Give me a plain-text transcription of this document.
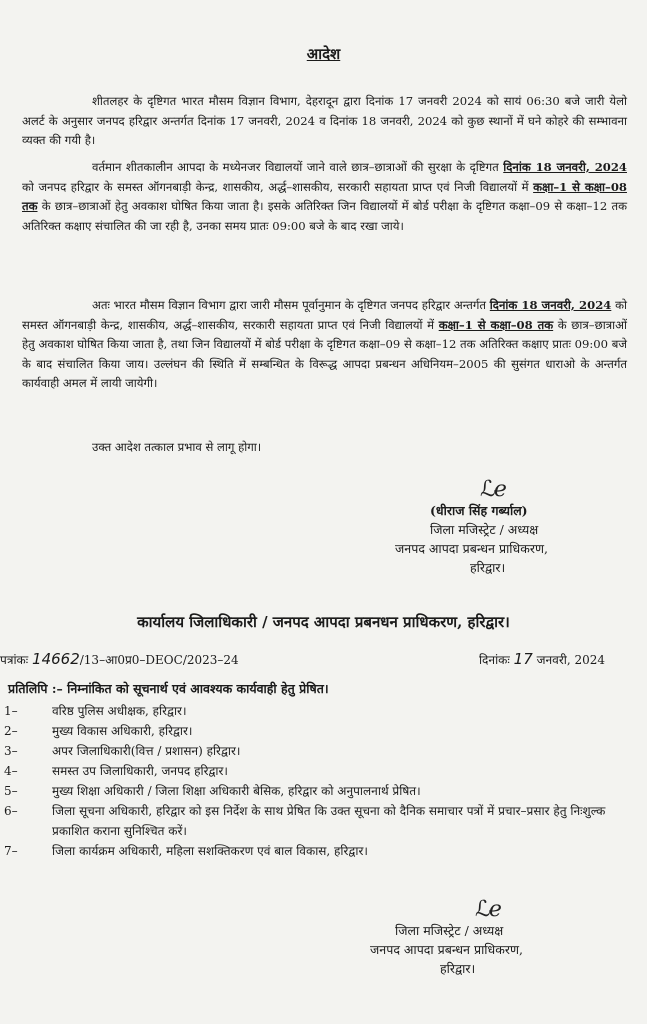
आदेश
शीतलहर के दृष्टिगत भारत मौसम विज्ञान विभाग, देहरादून द्वारा दिनांक 17 जनवरी 2024 को सायं 06:30 बजे जारी येलो अलर्ट के अनुसार जनपद हरिद्वार अन्तर्गत दिनांक 17 जनवरी, 2024 व दिनांक 18 जनवरी, 2024 को कुछ स्थानों में घने कोहरे की सम्भावना व्यक्त की गयी है।
वर्तमान शीतकालीन आपदा के मध्येनजर विद्यालयों जाने वाले छात्र–छात्राओं की सुरक्षा के दृष्टिगत दिनांक 18 जनवरी, 2024 को जनपद हरिद्वार के समस्त ऑगनबाड़ी केन्द्र, शासकीय, अर्द्ध–शासकीय, सरकारी सहायता प्राप्त एवं निजी विद्यालयों में कक्षा–1 से कक्षा–08 तक के छात्र–छात्राओं हेतु अवकाश घोषित किया जाता है। इसके अतिरिक्त जिन विद्यालयों में बोर्ड परीक्षा के दृष्टिगत कक्षा–09 से कक्षा–12 तक अतिरिक्त कक्षाए संचालित की जा रही है, उनका समय प्रातः 09:00 बजे के बाद रखा जाये।
अतः भारत मौसम विज्ञान विभाग द्वारा जारी मौसम पूर्वानुमान के दृष्टिगत जनपद हरिद्वार अन्तर्गत दिनांक 18 जनवरी, 2024 को समस्त ऑगनबाड़ी केन्द्र, शासकीय, अर्द्ध–शासकीय, सरकारी सहायता प्राप्त एवं निजी विद्यालयों में कक्षा–1 से कक्षा–08 तक के छात्र–छात्राओं हेतु अवकाश घोषित किया जाता है, तथा जिन विद्यालयों में बोर्ड परीक्षा के दृष्टिगत कक्षा–09 से कक्षा–12 तक अतिरिक्त कक्षाए प्रातः 09:00 बजे के बाद संचालित किया जाय। उल्लंघन की स्थिति में सम्बन्धित के विरूद्ध आपदा प्रबन्धन अधिनियम–2005 की सुसंगत धाराओ के अन्तर्गत कार्यवाही अमल में लायी जायेगी।
उक्त आदेश तत्काल प्रभाव से लागू होगा।
ℒℯ
(धीराज सिंह गर्ब्याल)
जिला मजिस्ट्रेट / अध्यक्ष
जनपद आपदा प्रबन्धन प्राधिकरण,
हरिद्वार।
कार्यालय जिलाधिकारी / जनपद आपदा प्रबनधन प्राधिकरण, हरिद्वार।
पत्रांकः 14662/13–आ0प्र0–DEOC/2023–24	दिनांकः 17 जनवरी, 2024
प्रतिलिपि :– निम्नांकित को सूचनार्थ एवं आवश्यक कार्यवाही हेतु प्रेषित।
1–	वरिष्ठ पुलिस अधीक्षक, हरिद्वार।
2–	मुख्य विकास अधिकारी, हरिद्वार।
3–	अपर जिलाधिकारी(वित्त / प्रशासन) हरिद्वार।
4–	समस्त उप जिलाधिकारी, जनपद हरिद्वार।
5–	मुख्य शिक्षा अधिकारी / जिला शिक्षा अधिकारी बेसिक, हरिद्वार को अनुपालनार्थ प्रेषित।
6–	जिला सूचना अधिकारी, हरिद्वार को इस निर्देश के साथ प्रेषित कि उक्त सूचना को दैनिक समाचार पत्रों में प्रचार–प्रसार हेतु निःशुल्क प्रकाशित कराना सुनिश्चित करें।
7–	जिला कार्यक्रम अधिकारी, महिला सशक्तिकरण एवं बाल विकास, हरिद्वार।
ℒℯ
जिला मजिस्ट्रेट / अध्यक्ष
जनपद आपदा प्रबन्धन प्राधिकरण,
हरिद्वार।
